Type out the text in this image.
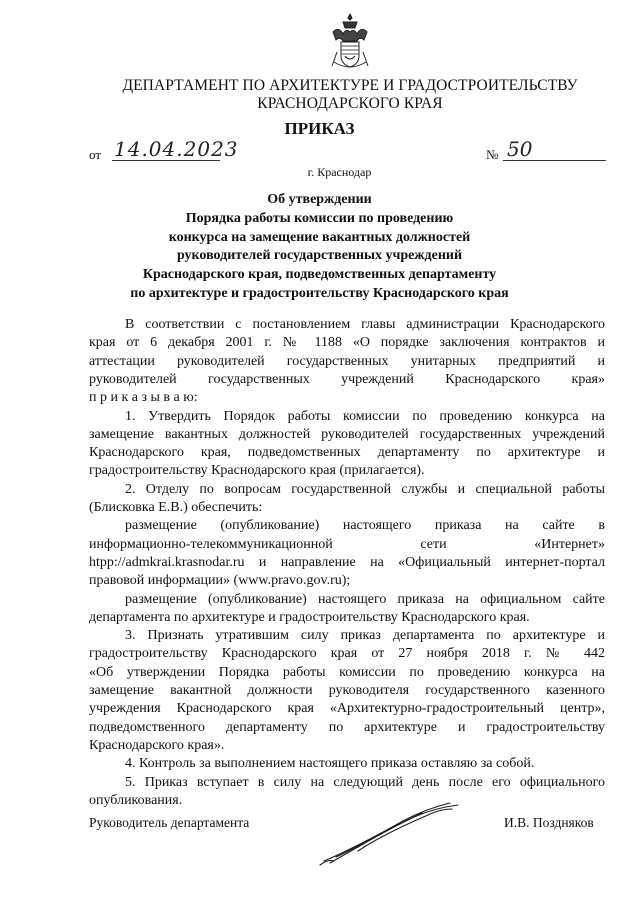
ДЕПАРТАМЕНТ ПО АРХИТЕКТУРЕ И ГРАДОСТРОИТЕЛЬСТВУ
КРАСНОДАРСКОГО КРАЯ
ПРИКАЗ
от 14.04.2023	№ 50
г. Краснодар
Об утверждении
Порядка работы комиссии по проведению
конкурса на замещение вакантных должностей
руководителей государственных учреждений
Краснодарского края, подведомственных департаменту
по архитектуре и градостроительству Краснодарского края
В соответствии с постановлением главы администрации Краснодарского
края от 6 декабря 2001 г. № 1188 «О порядке заключения контрактов и
аттестации руководителей государственных унитарных предприятий и
руководителей государственных учреждений Краснодарского края»
п р и к а з ы в а ю:
1. Утвердить Порядок работы комиссии по проведению конкурса на
замещение вакантных должностей руководителей государственных учреждений
Краснодарского края, подведомственных департаменту по архитектуре и
градостроительству Краснодарского края (прилагается).
2. Отделу по вопросам государственной службы и специальной работы
(Блисковка Е.В.) обеспечить:
размещение (опубликование) настоящего приказа на сайте в
информационно-телекоммуникационной сети «Интернет»
htpp://admkrai.krasnodar.ru и направление на «Официальный интернет-портал
правовой информации» (www.pravo.gov.ru);
размещение (опубликование) настоящего приказа на официальном сайте
департамента по архитектуре и градостроительству Краснодарского края.
3. Признать утратившим силу приказ департамента по архитектуре и
градостроительству Краснодарского края от 27 ноября 2018 г. № 442
«Об утверждении Порядка работы комиссии по проведению конкурса на
замещение вакантной должности руководителя государственного казенного
учреждения Краснодарского края «Архитектурно-градостроительный центр»,
подведомственного департаменту по архитектуре и градостроительству
Краснодарского края».
4. Контроль за выполнением настоящего приказа оставляю за собой.
5. Приказ вступает в силу на следующий день после его официального
опубликования.
Руководитель департамента	И.В. Поздняков
